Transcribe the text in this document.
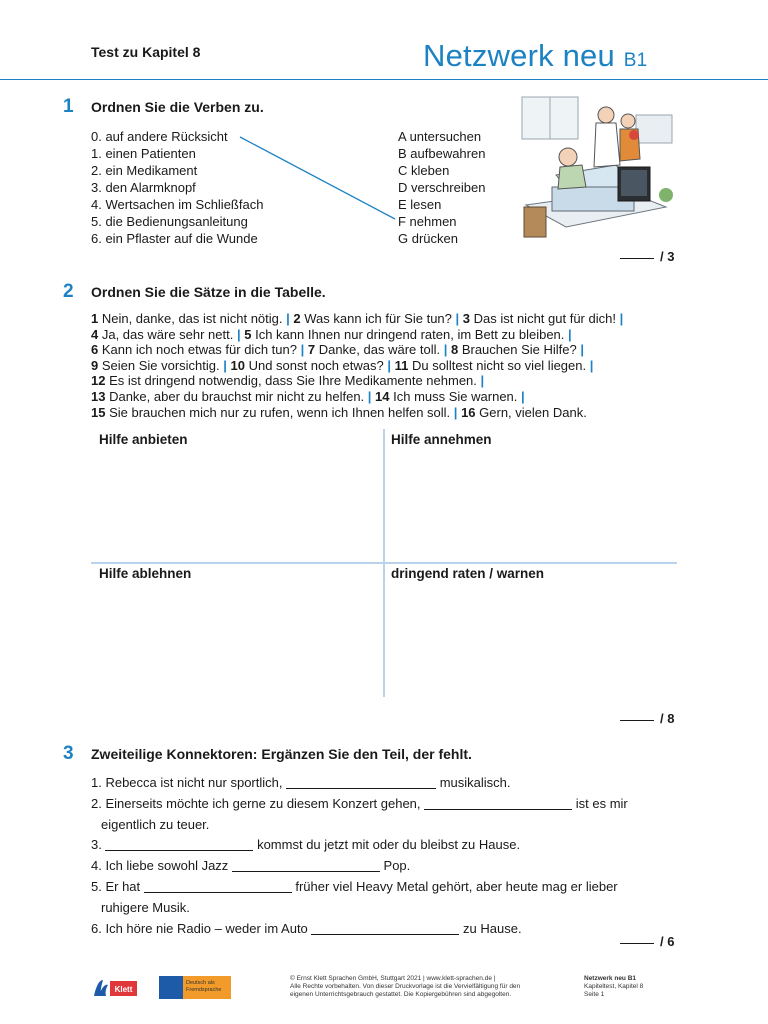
Test zu Kapitel 8	Netzwerk neu B1
1 Ordnen Sie die Verben zu.
0. auf andere Rücksicht
1. einen Patienten
2. ein Medikament
3. den Alarmknopf
4. Wertsachen im Schließfach
5. die Bedienungsanleitung
6. ein Pflaster auf die Wunde
A untersuchen
B aufbewahren
C kleben
D verschreiben
E lesen
F nehmen
G drücken
/ 3
2 Ordnen Sie die Sätze in die Tabelle.
1 Nein, danke, das ist nicht nötig. | 2 Was kann ich für Sie tun? | 3 Das ist nicht gut für dich! |
4 Ja, das wäre sehr nett. | 5 Ich kann Ihnen nur dringend raten, im Bett zu bleiben. |
6 Kann ich noch etwas für dich tun? | 7 Danke, das wäre toll. | 8 Brauchen Sie Hilfe? |
9 Seien Sie vorsichtig. | 10 Und sonst noch etwas? | 11 Du solltest nicht so viel liegen. |
12 Es ist dringend notwendig, dass Sie Ihre Medikamente nehmen. |
13 Danke, aber du brauchst mir nicht zu helfen. | 14 Ich muss Sie warnen. |
15 Sie brauchen mich nur zu rufen, wenn ich Ihnen helfen soll. | 16 Gern, vielen Dank.
Hilfe anbieten	Hilfe annehmen
Hilfe ablehnen	dringend raten / warnen
/ 8
3 Zweiteilige Konnektoren: Ergänzen Sie den Teil, der fehlt.
1. Rebecca ist nicht nur sportlich,	musikalisch.
2. Einerseits möchte ich gerne zu diesem Konzert gehen,	ist es mir
eigentlich zu teuer.
3.	kommst du jetzt mit oder du bleibst zu Hause.
4. Ich liebe sowohl Jazz	Pop.
5. Er hat	früher viel Heavy Metal gehört, aber heute mag er lieber
ruhigere Musik.
6. Ich höre nie Radio – weder im Auto	zu Hause.
/ 6
Klett
Deutsch als Fremdsprache
© Ernst Klett Sprachen GmbH, Stuttgart 2021 | www.klett-sprachen.de |
Alle Rechte vorbehalten. Von dieser Druckvorlage ist die Vervielfältigung für den
eigenen Unterrichtsgebrauch gestattet. Die Kopiergebühren sind abgegolten.
Netzwerk neu B1
Kapiteltest, Kapitel 8
Seite 1
